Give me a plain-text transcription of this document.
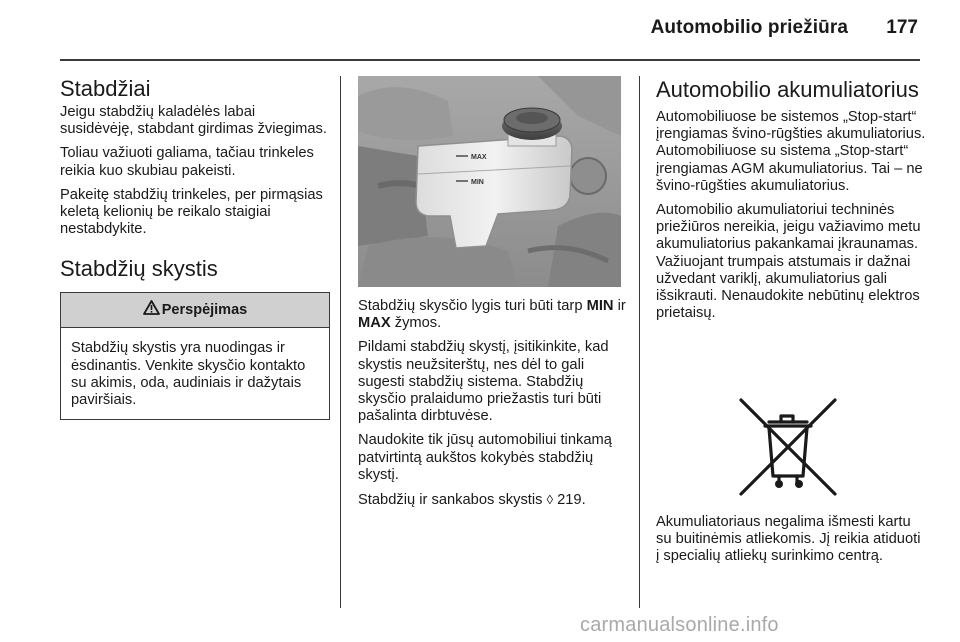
Automobilio priežiūra 177
Stabdžiai

Jeigu stabdžių kaladėlės labai susidėvėję, stabdant girdimas žviegimas.

Toliau važiuoti galiama, tačiau trinkeles reikia kuo skubiau pakeisti.

Pakeitę stabdžių trinkeles, per pirmąsias keletą kelionių be reikalo staigiai nestabdykite.

Stabdžių skystis
Perspėjimas

Stabdžių skystis yra nuodingas ir ėsdinantis. Venkite skysčio kontakto su akimis, oda, audiniais ir dažytais paviršiais.

MAX
MIN

Stabdžių skysčio lygis turi būti tarp MIN ir MAX žymos.

Pildami stabdžių skystį, įsitikinkite, kad skystis neužsiterštų, nes dėl to gali sugesti stabdžių sistema. Stabdžių skysčio pralaidumo priežastis turi būti pašalinta dirbtuvėse.

Naudokite tik jūsų automobiliui tinkamą patvirtintą aukštos kokybės stabdžių skystį.

Stabdžių ir sankabos skystis ◊ 219.

Automobilio akumuliatorius

Automobiliuose be sistemos „Stop-start“ įrengiamas švino-rūgšties akumuliatorius. Automobiliuose su sistema „Stop-start“ įrengiamas AGM akumuliatorius. Tai – ne švino-rūgšties akumuliatorius.

Automobilio akumuliatoriui techninės priežiūros nereikia, jeigu važiavimo metu akumuliatorius pakankamai įkraunamas. Važiuojant trumpais atstumais ir dažnai užvedant variklį, akumuliatorius gali išsikrauti. Nenaudokite nebūtinų elektros prietaisų.

Akumuliatoriaus negalima išmesti kartu su buitinėmis atliekomis. Jį reikia atiduoti į specialių atliekų surinkimo centrą.

carmanualsonline.info
